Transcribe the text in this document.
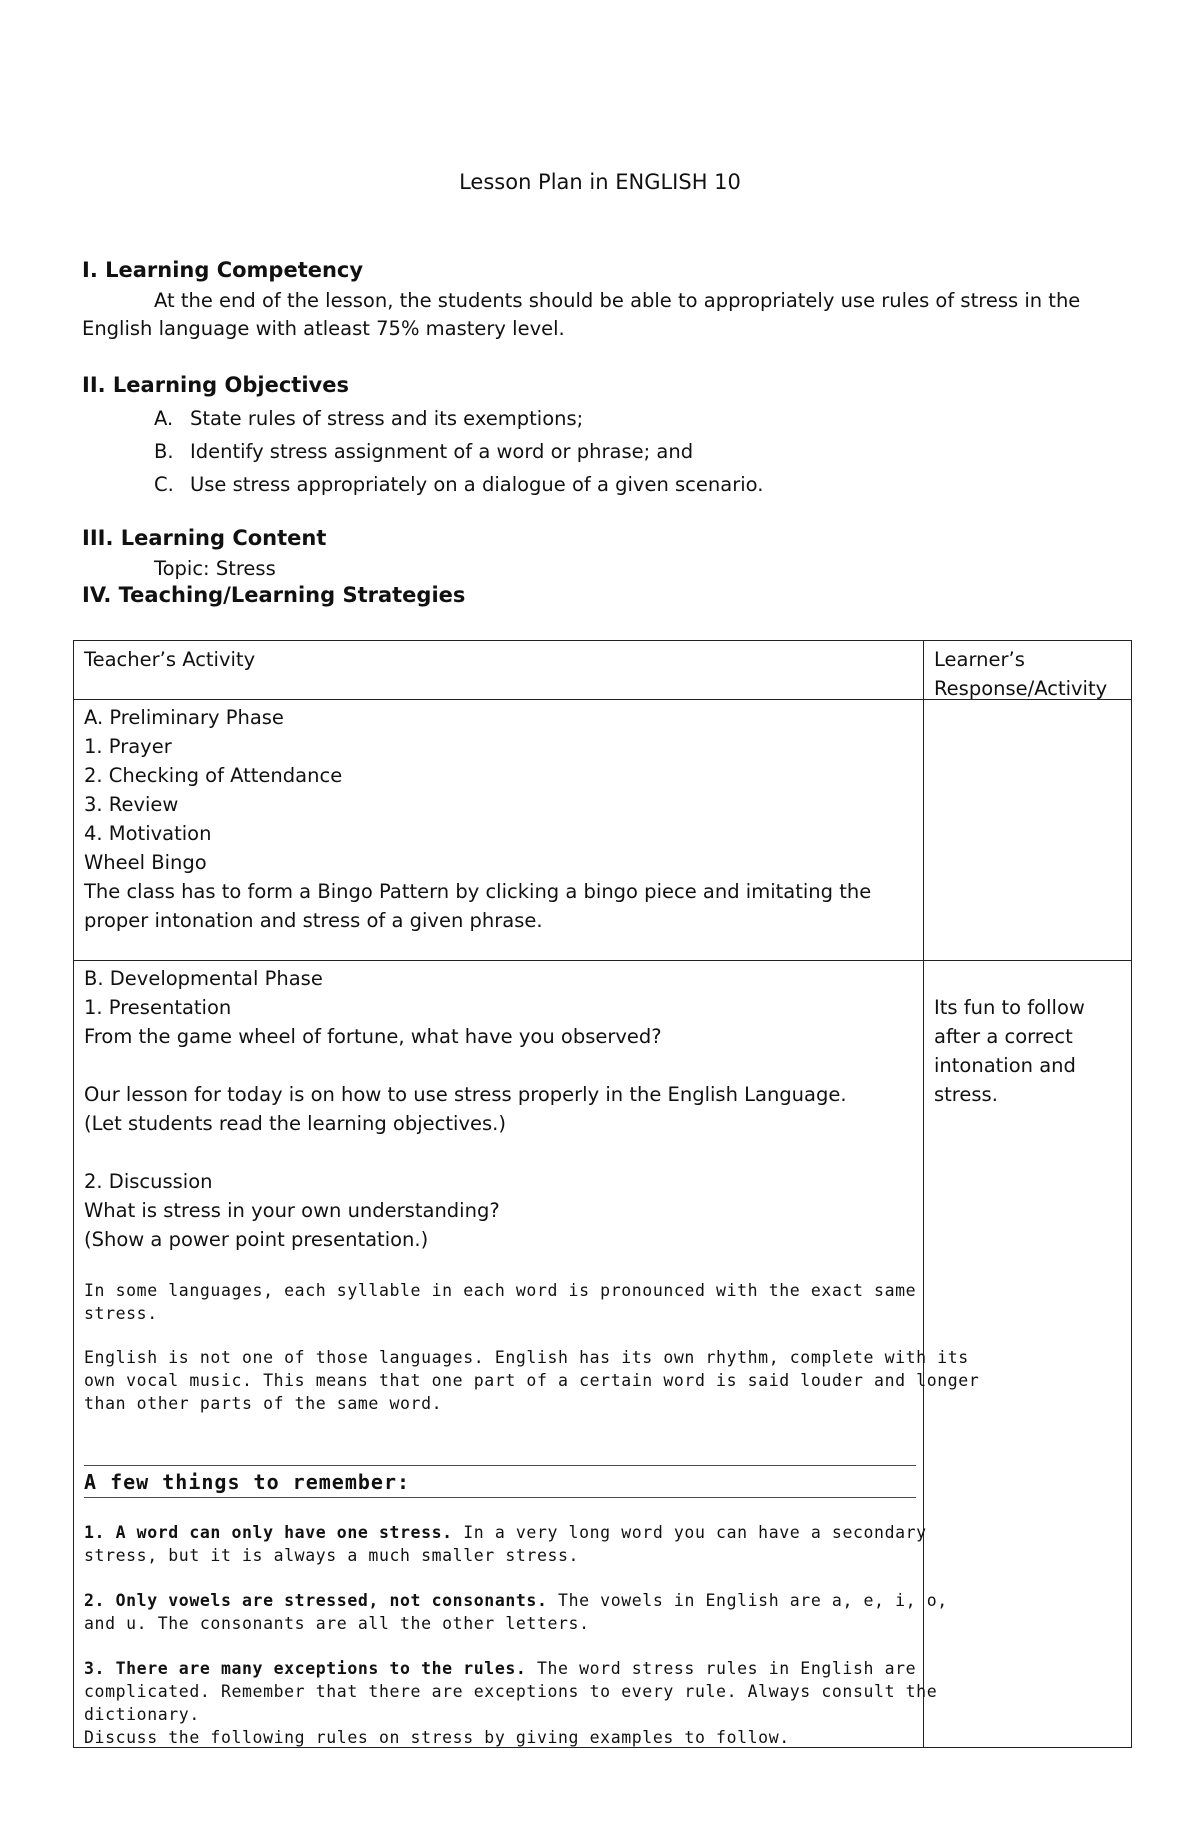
Lesson Plan in ENGLISH 10
I. Learning Competency
At the end of the lesson, the students should be able to appropriately use rules of stress in the
English language with atleast 75% mastery level.
II. Learning Objectives
A. State rules of stress and its exemptions;
B. Identify stress assignment of a word or phrase; and
C. Use stress appropriately on a dialogue of a given scenario.
III. Learning Content
Topic: Stress
IV. Teaching/Learning Strategies
Teacher’s Activity	Learner’s
Response/Activity
A. Preliminary Phase
1. Prayer
2. Checking of Attendance
3. Review
4. Motivation
Wheel Bingo
The class has to form a Bingo Pattern by clicking a bingo piece and imitating the
proper intonation and stress of a given phrase.
B. Developmental Phase
1. Presentation
From the game wheel of fortune, what have you observed?
Our lesson for today is on how to use stress properly in the English Language.
(Let students read the learning objectives.)
2. Discussion
What is stress in your own understanding?
(Show a power point presentation.)
Its fun to follow
after a correct
intonation and
stress.
In some languages, each syllable in each word is pronounced with the exact same
stress.
English is not one of those languages. English has its own rhythm, complete with its
own vocal music. This means that one part of a certain word is said louder and longer
than other parts of the same word.
A few things to remember:
1. A word can only have one stress. In a very long word you can have a secondary
stress, but it is always a much smaller stress.
2. Only vowels are stressed, not consonants. The vowels in English are a, e, i, o,
and u. The consonants are all the other letters.
3. There are many exceptions to the rules. The word stress rules in English are
complicated. Remember that there are exceptions to every rule. Always consult the
dictionary.
Discuss the following rules on stress by giving examples to follow.
